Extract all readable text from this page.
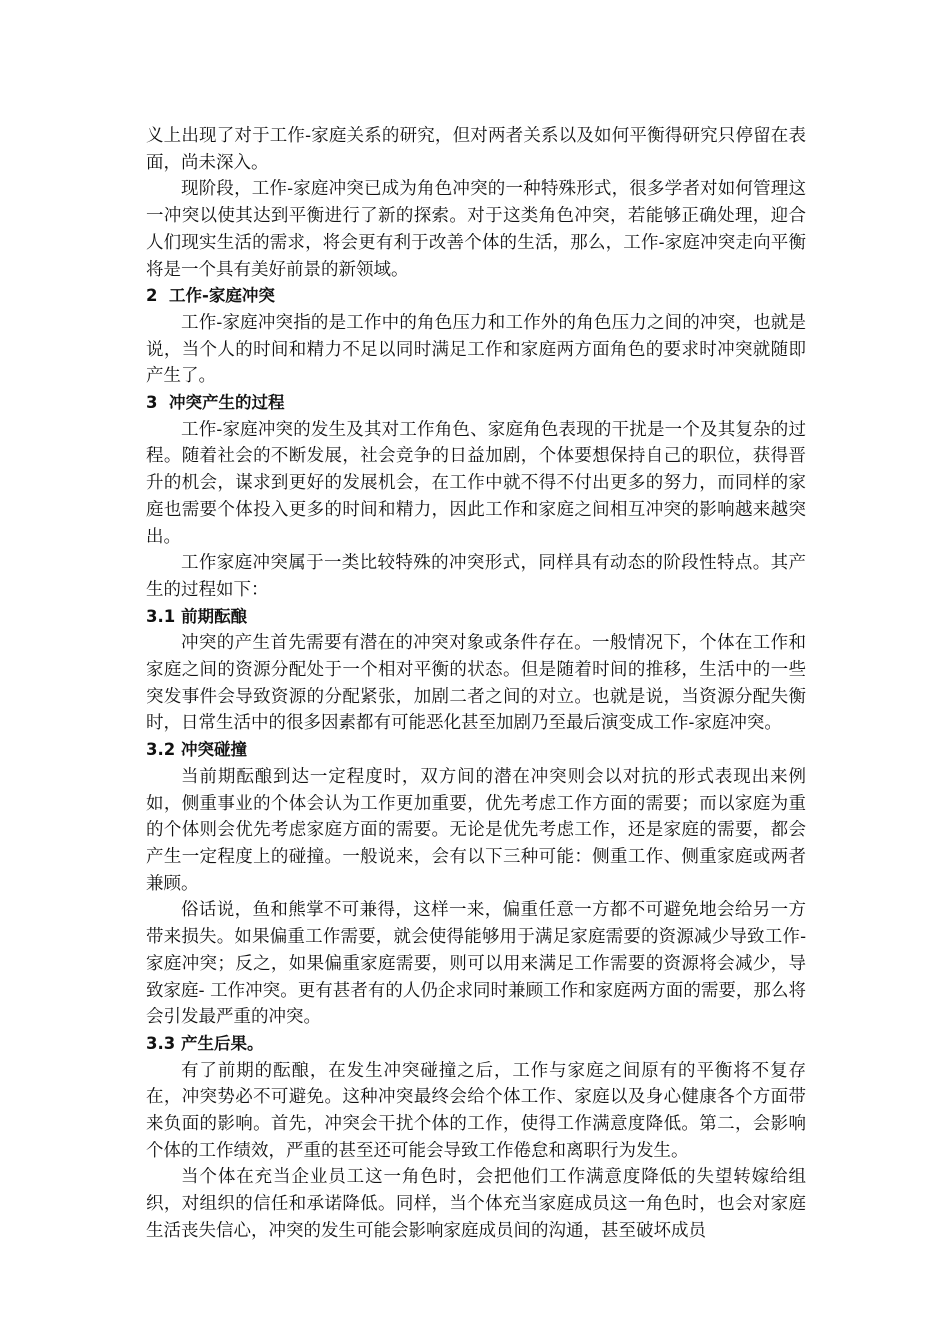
义上出现了对于工作-家庭关系的研究，但对两者关系以及如何平衡得研究只停留在表面，尚未深入。

现阶段，工作-家庭冲突已成为角色冲突的一种特殊形式，很多学者对如何管理这一冲突以使其达到平衡进行了新的探索。对于这类角色冲突，若能够正确处理，迎合人们现实生活的需求，将会更有利于改善个体的生活，那么，工作-家庭冲突走向平衡将是一个具有美好前景的新领域。

2  工作-家庭冲突

工作-家庭冲突指的是工作中的角色压力和工作外的角色压力之间的冲突，也就是说，当个人的时间和精力不足以同时满足工作和家庭两方面角色的要求时冲突就随即产生了。

3  冲突产生的过程

工作-家庭冲突的发生及其对工作角色、家庭角色表现的干扰是一个及其复杂的过程。随着社会的不断发展，社会竞争的日益加剧，个体要想保持自己的职位，获得晋升的机会，谋求到更好的发展机会，在工作中就不得不付出更多的努力，而同样的家庭也需要个体投入更多的时间和精力，因此工作和家庭之间相互冲突的影响越来越突出。

工作家庭冲突属于一类比较特殊的冲突形式，同样具有动态的阶段性特点。其产生的过程如下：

3.1 前期酝酿

冲突的产生首先需要有潜在的冲突对象或条件存在。一般情况下，个体在工作和家庭之间的资源分配处于一个相对平衡的状态。但是随着时间的推移，生活中的一些突发事件会导致资源的分配紧张，加剧二者之间的对立。也就是说，当资源分配失衡时，日常生活中的很多因素都有可能恶化甚至加剧乃至最后演变成工作-家庭冲突。

3.2 冲突碰撞

当前期酝酿到达一定程度时，双方间的潜在冲突则会以对抗的形式表现出来例如，侧重事业的个体会认为工作更加重要，优先考虑工作方面的需要；而以家庭为重的个体则会优先考虑家庭方面的需要。无论是优先考虑工作，还是家庭的需要，都会产生一定程度上的碰撞。一般说来，会有以下三种可能：侧重工作、侧重家庭或两者兼顾。

俗话说，鱼和熊掌不可兼得，这样一来，偏重任意一方都不可避免地会给另一方带来损失。如果偏重工作需要，就会使得能够用于满足家庭需要的资源减少导致工作- 家庭冲突；反之，如果偏重家庭需要，则可以用来满足工作需要的资源将会减少，导致家庭- 工作冲突。更有甚者有的人仍企求同时兼顾工作和家庭两方面的需要，那么将会引发最严重的冲突。

3.3 产生后果。

有了前期的酝酿，在发生冲突碰撞之后，工作与家庭之间原有的平衡将不复存在，冲突势必不可避免。这种冲突最终会给个体工作、家庭以及身心健康各个方面带来负面的影响。首先，冲突会干扰个体的工作，使得工作满意度降低。第二，会影响个体的工作绩效，严重的甚至还可能会导致工作倦怠和离职行为发生。

当个体在充当企业员工这一角色时，会把他们工作满意度降低的失望转嫁给组织，对组织的信任和承诺降低。同样，当个体充当家庭成员这一角色时，也会对家庭生活丧失信心，冲突的发生可能会影响家庭成员间的沟通，甚至破坏成员
